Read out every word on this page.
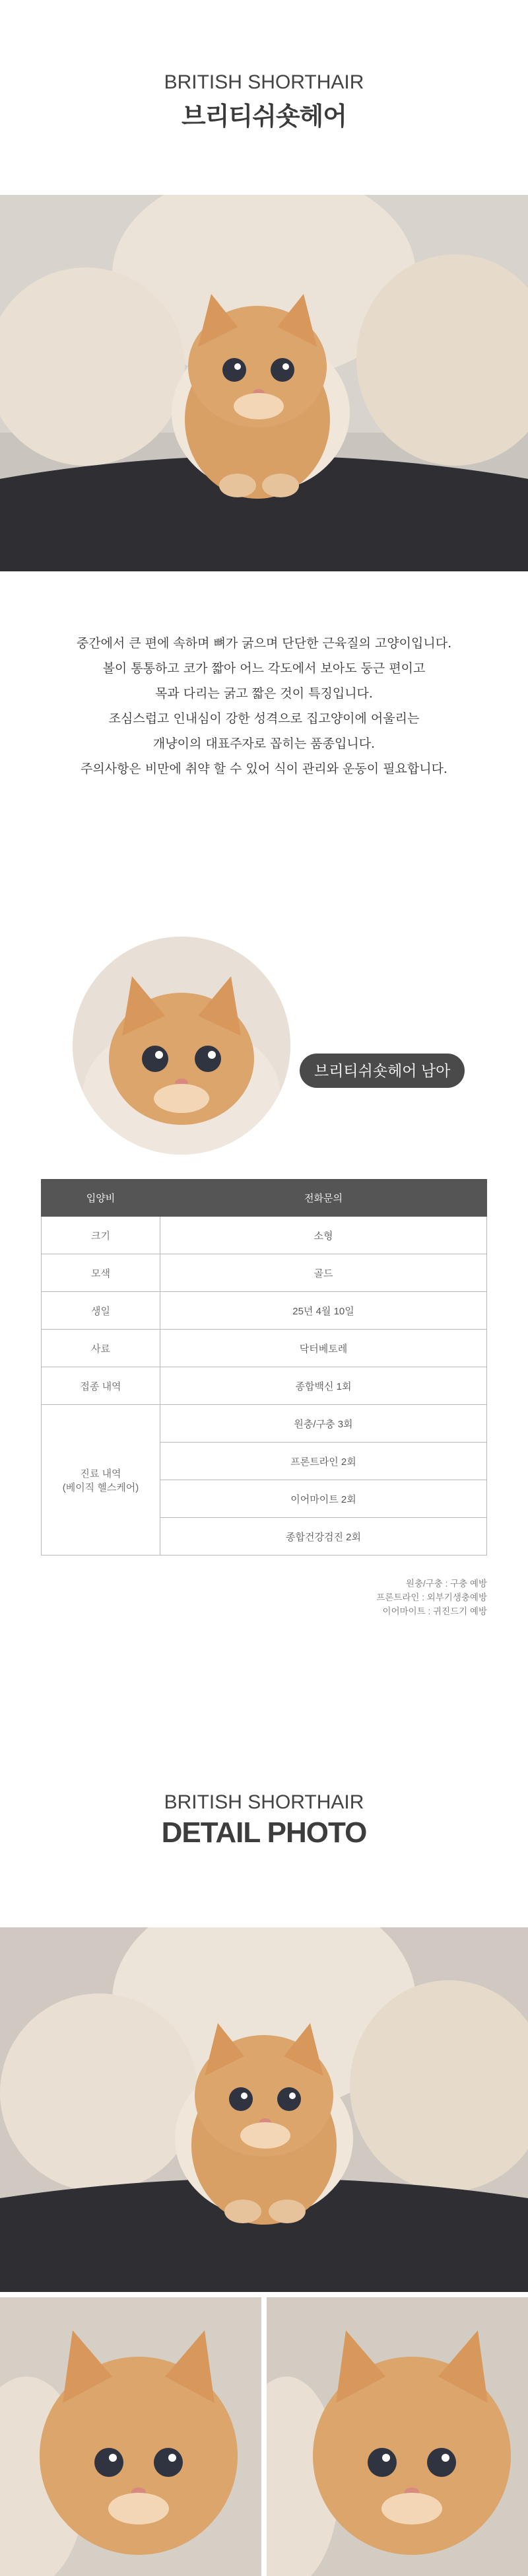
BRITISH SHORTHAIR
브리티쉬숏헤어

중간에서 큰 편에 속하며 뼈가 굵으며 단단한 근육질의 고양이입니다.

볼이 통통하고 코가 짧아 어느 각도에서 보아도 둥근 편이고

목과 다리는 굵고 짧은 것이 특징입니다.

조심스럽고 인내심이 강한 성격으로 집고양이에 어울리는

개냥이의 대표주자로 꼽히는 품종입니다.

주의사항은 비만에 취약 할 수 있어 식이 관리와 운동이 필요합니다.

브리티쉬숏헤어 남아
입양비	전화문의
크기	소형
모색	골드
생일	25년 4월 10일
사료	닥터베토레
접종 내역	종합백신 1회
진료 내역
(베이직 헬스케어)	원충/구충 3회
	프론트라인 2회
	이어마이트 2회
	종합건강검진 2회
원충/구충 : 구충 예방
프론트라인 : 외부기생충예방
이어마이트 : 귀진드기 예방
BRITISH SHORTHAIR
DETAIL PHOTO
